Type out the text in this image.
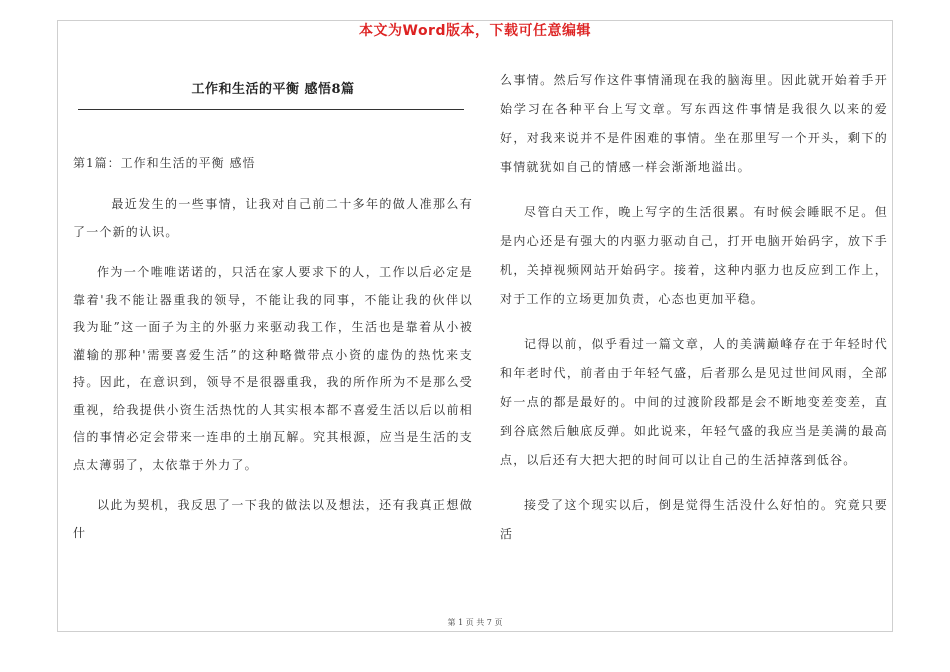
本文为Word版本，下载可任意编辑
工作和生活的平衡 感悟8篇
第1篇：工作和生活的平衡 感悟

最近发生的一些事情，让我对自己前二十多年的做人准那么有了一个新的认识。

作为一个唯唯诺诺的，只活在家人要求下的人，工作以后必定是靠着'我不能让器重我的领导，不能让我的同事，不能让我的伙伴以我为耻”这一面子为主的外驱力来驱动我工作，生活也是靠着从小被灌输的那种'需要喜爱生活”的这种略微带点小资的虚伪的热忱来支持。因此，在意识到，领导不是很器重我，我的所作所为不是那么受重视，给我提供小资生活热忱的人其实根本都不喜爱生活以后以前相信的事情必定会带来一连串的土崩瓦解。究其根源，应当是生活的支点太薄弱了，太依靠于外力了。

以此为契机，我反思了一下我的做法以及想法，还有我真正想做什

么事情。然后写作这件事情涌现在我的脑海里。因此就开始着手开始学习在各种平台上写文章。写东西这件事情是我很久以来的爱好，对我来说并不是件困难的事情。坐在那里写一个开头，剩下的事情就犹如自己的情感一样会渐渐地溢出。

尽管白天工作，晚上写字的生活很累。有时候会睡眠不足。但是内心还是有强大的内驱力驱动自己，打开电脑开始码字，放下手机，关掉视频网站开始码字。接着，这种内驱力也反应到工作上，对于工作的立场更加负责，心态也更加平稳。

记得以前，似乎看过一篇文章，人的美满巅峰存在于年轻时代和年老时代，前者由于年轻气盛，后者那么是见过世间风雨，全部好一点的都是最好的。中间的过渡阶段都是会不断地变差变差，直到谷底然后触底反弹。如此说来，年轻气盛的我应当是美满的最高点，以后还有大把大把的时间可以让自己的生活掉落到低谷。

接受了这个现实以后，倒是觉得生活没什么好怕的。究竟只要活

第 1 页 共 7 页
